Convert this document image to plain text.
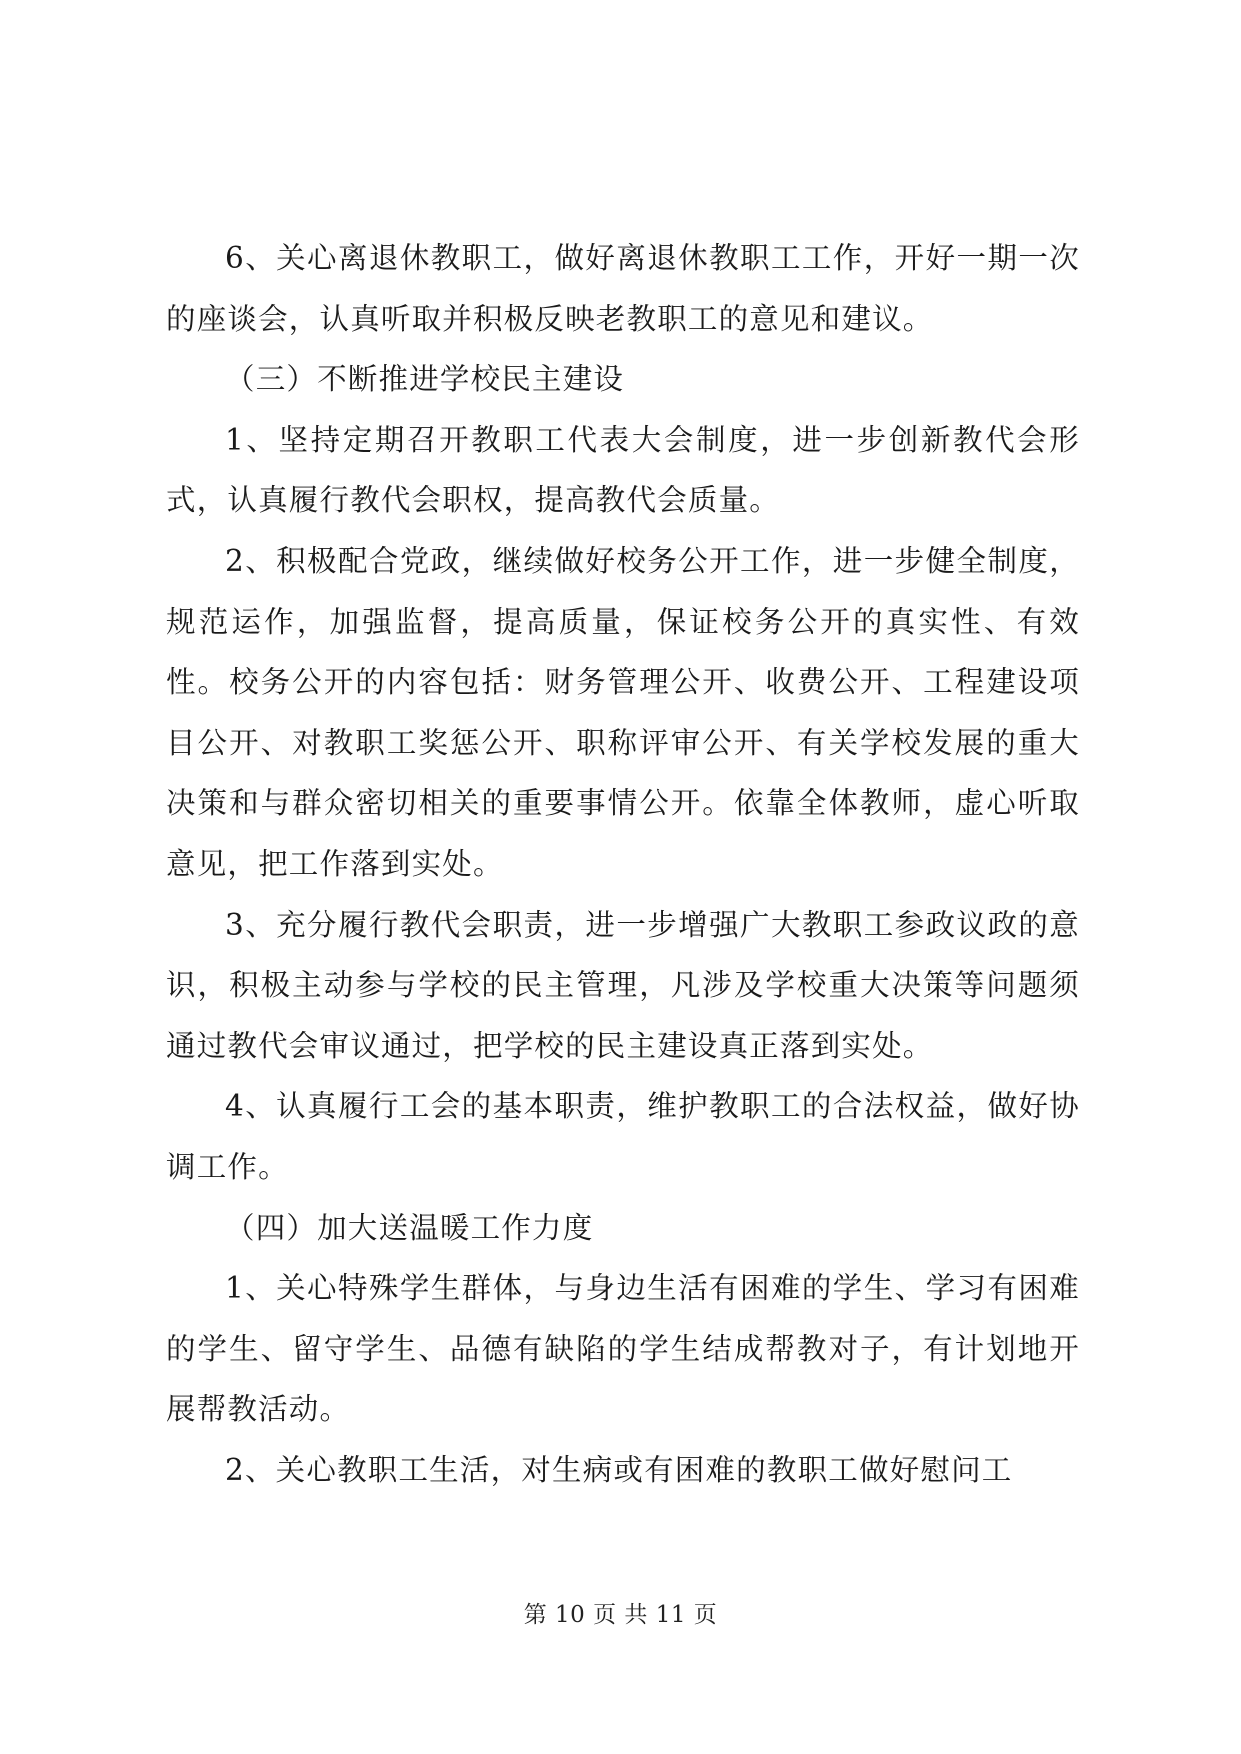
6、关心离退休教职工，做好离退休教职工工作，开好一期一次的座谈会，认真听取并积极反映老教职工的意见和建议。

（三）不断推进学校民主建设

1、坚持定期召开教职工代表大会制度，进一步创新教代会形式，认真履行教代会职权，提高教代会质量。

2、积极配合党政，继续做好校务公开工作，进一步健全制度，规范运作，加强监督，提高质量，保证校务公开的真实性、有效性。校务公开的内容包括：财务管理公开、收费公开、工程建设项目公开、对教职工奖惩公开、职称评审公开、有关学校发展的重大决策和与群众密切相关的重要事情公开。依靠全体教师，虚心听取意见，把工作落到实处。

3、充分履行教代会职责，进一步增强广大教职工参政议政的意识，积极主动参与学校的民主管理，凡涉及学校重大决策等问题须通过教代会审议通过，把学校的民主建设真正落到实处。

4、认真履行工会的基本职责，维护教职工的合法权益，做好协调工作。

（四）加大送温暖工作力度

1、关心特殊学生群体，与身边生活有困难的学生、学习有困难的学生、留守学生、品德有缺陷的学生结成帮教对子，有计划地开展帮教活动。

2、关心教职工生活，对生病或有困难的教职工做好慰问工

第 10 页 共 11 页
